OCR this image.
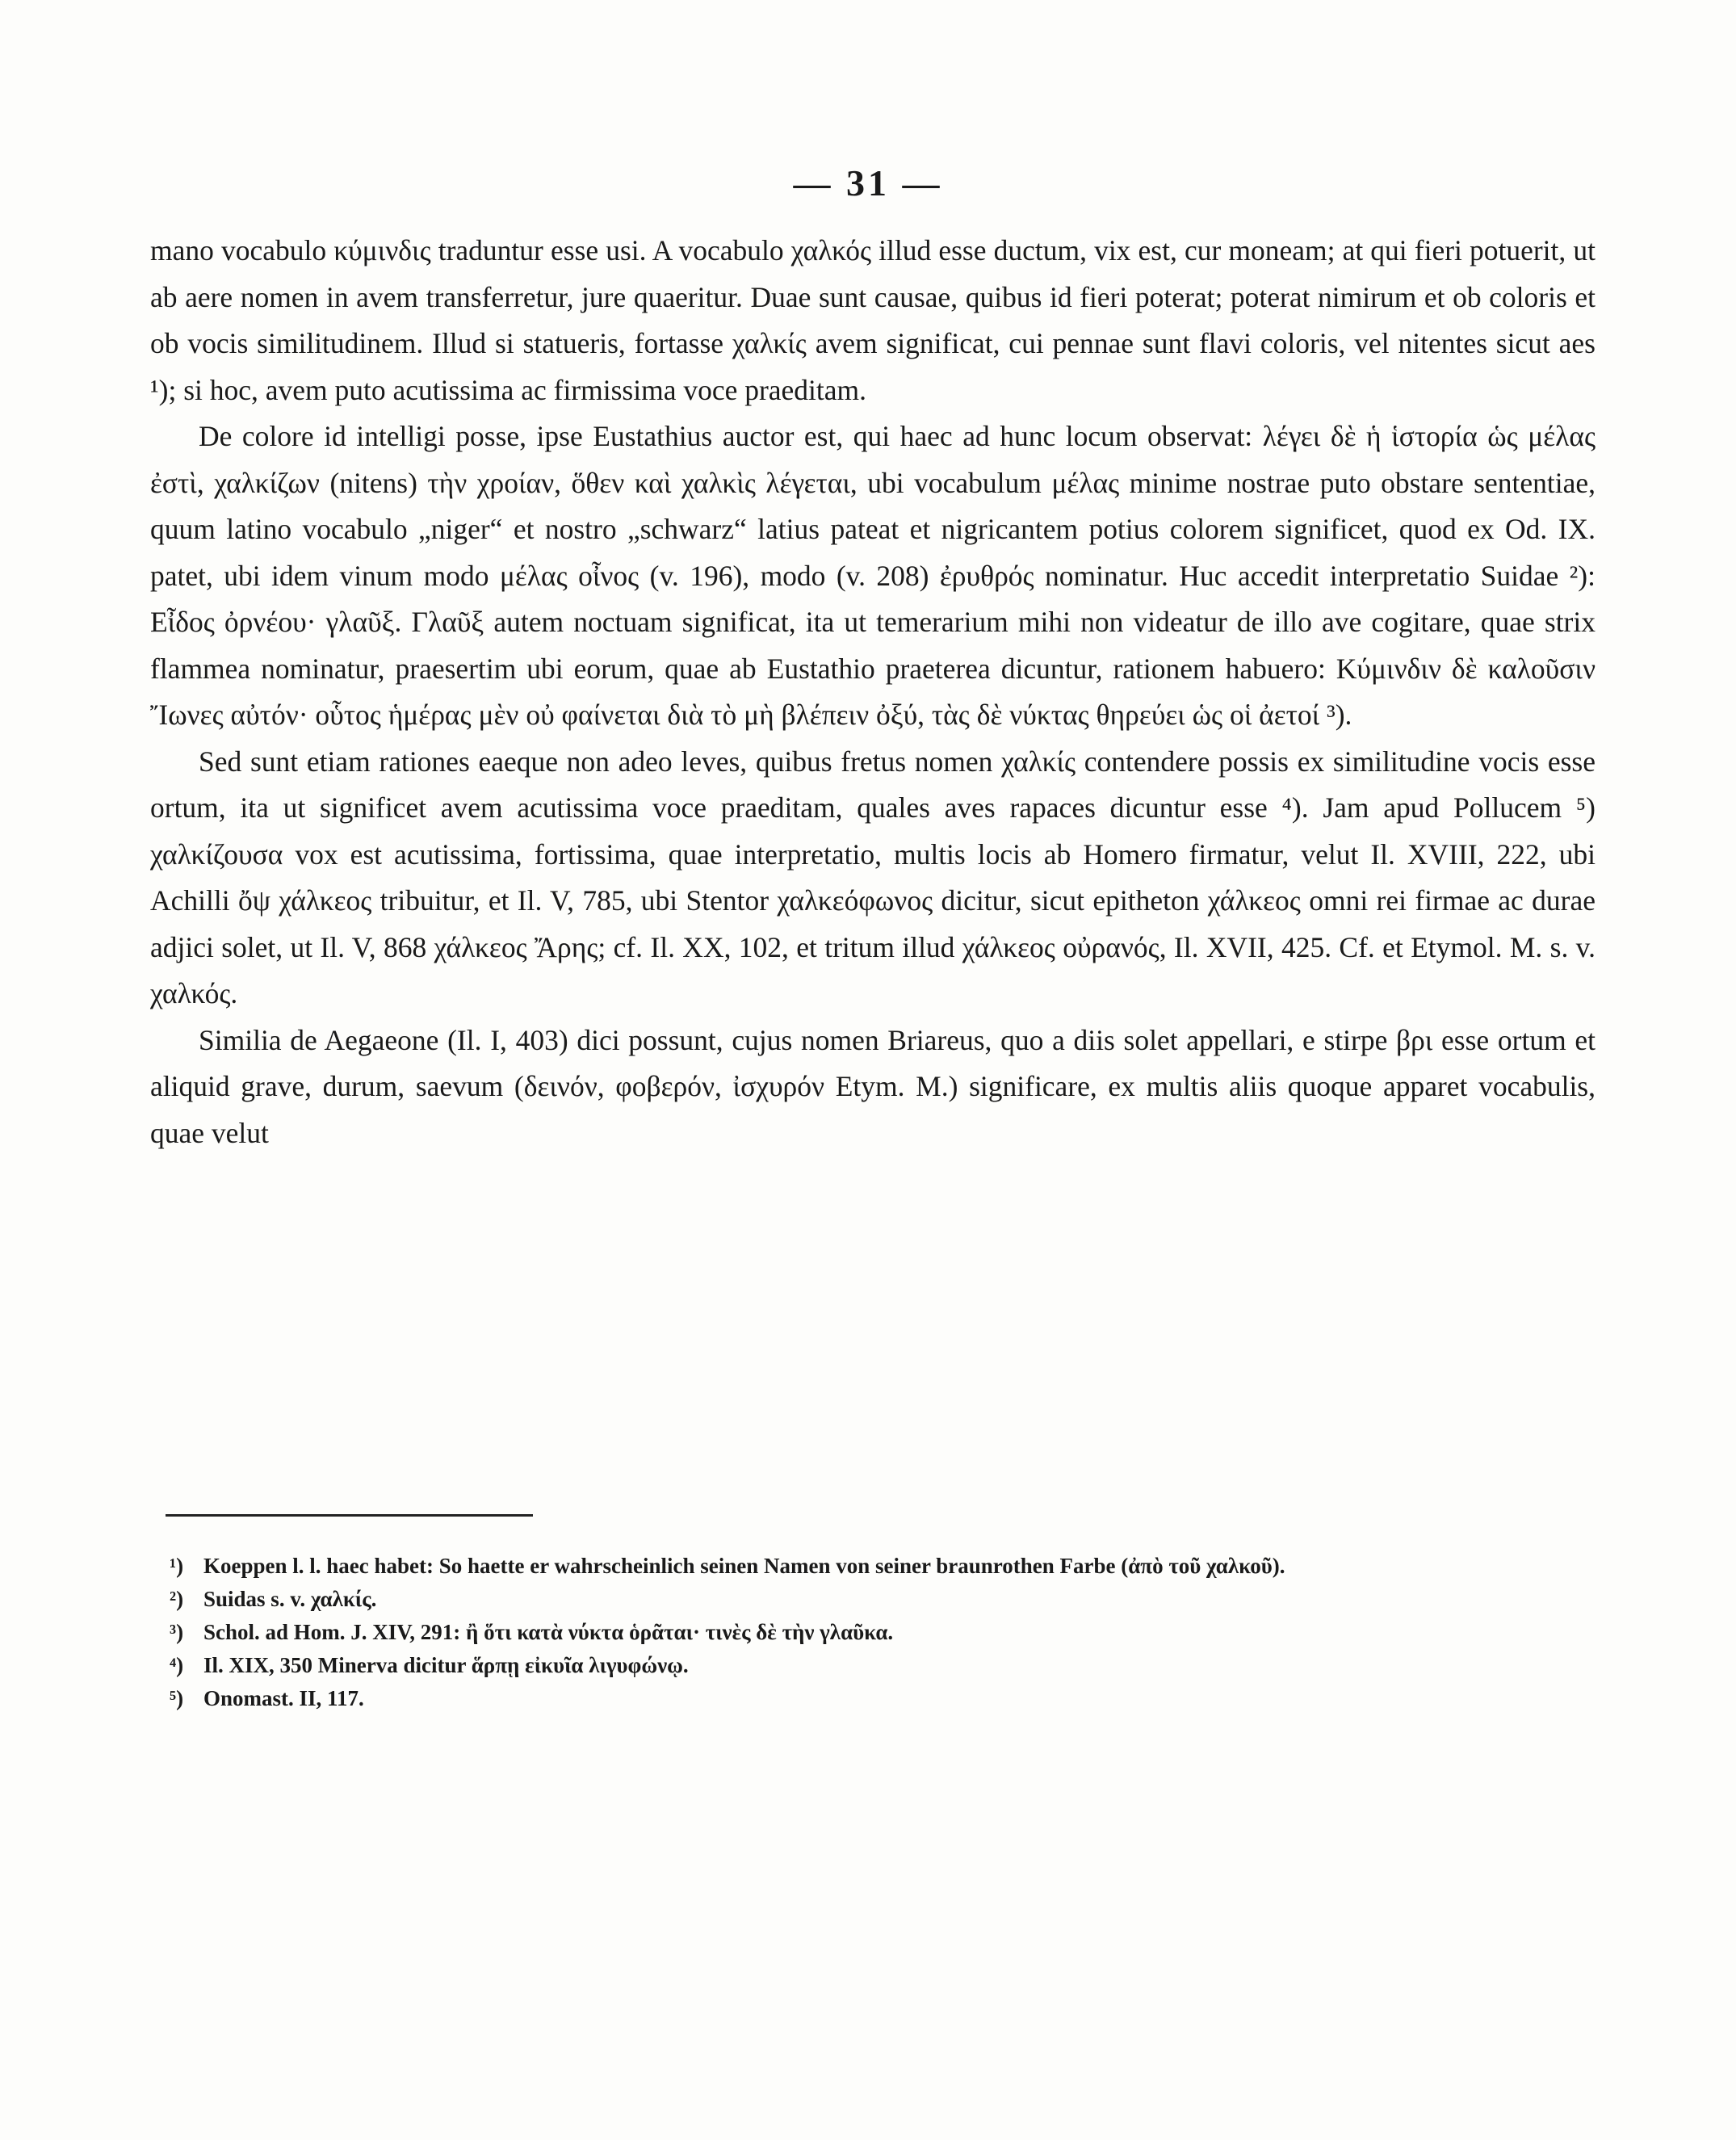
— 31 —

mano vocabulo κύμινδις traduntur esse usi. A vocabulo χαλκός illud esse ductum, vix est, cur moneam; at qui fieri potuerit, ut ab aere nomen in avem transferretur, jure quaeritur. Duae sunt causae, quibus id fieri poterat; poterat nimirum et ob coloris et ob vocis similitudinem. Illud si statueris, fortasse χαλκίς avem significat, cui pennae sunt flavi coloris, vel nitentes sicut aes ¹); si hoc, avem puto acutissima ac firmissima voce praeditam.

De colore id intelligi posse, ipse Eustathius auctor est, qui haec ad hunc locum observat: λέγει δὲ ἡ ἱστορία ὡς μέλας ἐστὶ, χαλκίζων (nitens) τὴν χροίαν, ὅθεν καὶ χαλκὶς λέγεται, ubi vocabulum μέλας minime nostrae puto obstare sententiae, quum latino vocabulo „niger“ et nostro „schwarz“ latius pateat et nigricantem potius colorem significet, quod ex Od. IX. patet, ubi idem vinum modo μέλας οἶνος (v. 196), modo (v. 208) ἐρυθρός nominatur. Huc accedit interpretatio Suidae ²): Εἶδος ὀρνέου· γλαῦξ. Γλαῦξ autem noctuam significat, ita ut temerarium mihi non videatur de illo ave cogitare, quae strix flammea nominatur, praesertim ubi eorum, quae ab Eustathio praeterea dicuntur, rationem habuero: Κύμινδιν δὲ καλοῦσιν Ἴωνες αὐτόν· οὗτος ἡμέρας μὲν οὐ φαίνεται διὰ τὸ μὴ βλέπειν ὀξύ, τὰς δὲ νύκτας θηρεύει ὡς οἱ ἀετοί ³).

Sed sunt etiam rationes eaeque non adeo leves, quibus fretus nomen χαλκίς contendere possis ex similitudine vocis esse ortum, ita ut significet avem acutissima voce praeditam, quales aves rapaces dicuntur esse ⁴). Jam apud Pollucem ⁵) χαλκίζουσα vox est acutissima, fortissima, quae interpretatio, multis locis ab Homero firmatur, velut Il. XVIII, 222, ubi Achilli ὄψ χάλκεος tribuitur, et Il. V, 785, ubi Stentor χαλκεόφωνος dicitur, sicut epitheton χάλκεος omni rei firmae ac durae adjici solet, ut Il. V, 868 χάλκεος Ἄρης; cf. Il. XX, 102, et tritum illud χάλκεος οὐρανός, Il. XVII, 425. Cf. et Etymol. M. s. v. χαλκός.

Similia de Aegaeone (Il. I, 403) dici possunt, cujus nomen Briareus, quo a diis solet appellari, e stirpe βρι esse ortum et aliquid grave, durum, saevum (δεινόν, φοβερόν, ἰσχυρόν Etym. M.) significare, ex multis aliis quoque apparet vocabulis, quae velut

¹) Koeppen l. l. haec habet: So haette er wahrscheinlich seinen Namen von seiner braunrothen Farbe (ἀπὸ τοῦ χαλκοῦ).
²) Suidas s. v. χαλκίς.
³) Schol. ad Hom. J. XIV, 291: ἢ ὅτι κατὰ νύκτα ὁρᾶται· τινὲς δὲ τὴν γλαῦκα.
⁴) Il. XIX, 350 Minerva dicitur ἅρπῃ εἰκυῖα λιγυφώνῳ.
⁵) Onomast. II, 117.
